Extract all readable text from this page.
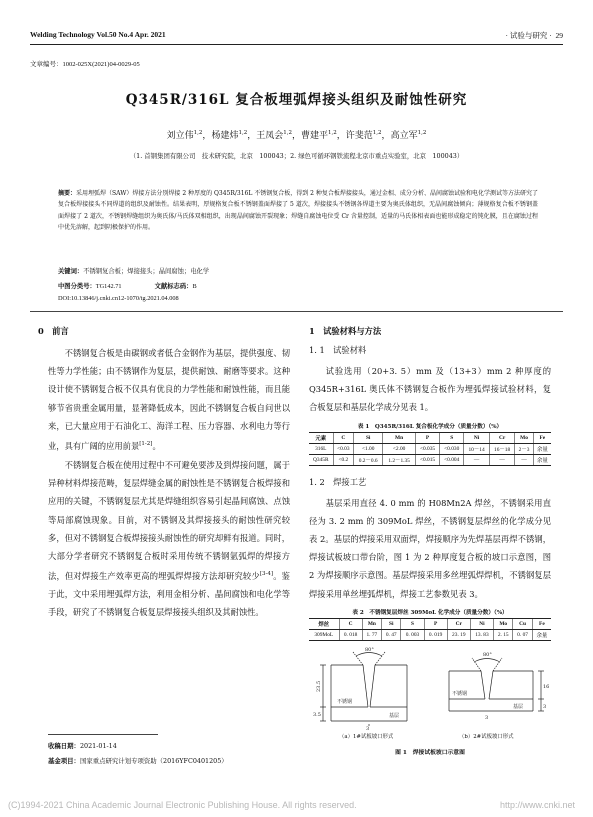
Welding Technology Vol.50 No.4 Apr. 2021	· 试验与研究 · 29
文章编号：1002-025X(2021)04-0029-05
Q345R/316L 复合板埋弧焊接头组织及耐蚀性研究
刘立伟$^{1,2}$，杨建炜$^{1,2}$，王凤会$^{1,2}$，曹建平$^{1,2}$，许斐范$^{1,2}$，高立军$^{1,2}$
（1. 首钢集团有限公司　技术研究院，北京　100043；2. 绿色可循环钢铁流程北京市重点实验室，北京　100043）
摘要：采用埋弧焊（SAW）焊接方法分别焊接 2 种厚度的 Q345R/316L 不锈钢复合板，得到 2 种复合板焊接接头，通过金相、成分分析、晶间腐蚀试验和电化学测试等方法研究了复合板焊接接头不同焊道的组织及耐蚀性。结果表明，厚规格复合板不锈钢盖面焊接了 5 道次，焊接接头不锈钢各焊道主要为奥氏体组织，无晶间腐蚀倾向；薄规格复合板不锈钢盖面焊接了 2 道次，不锈钢焊缝组织为奥氏体/马氏体双相组织，出现晶间腐蚀开裂现象；焊缝自腐蚀电位受 Cr 含量控制，适量的马氏体相表面也能形成稳定的钝化膜，且在腐蚀过程中优先溶解，起到阴极保护的作用。
关键词：不锈钢复合板；焊接接头；晶间腐蚀；电化学
中图分类号：TG142.71	文献标志码：B
DOI:10.13846/j.cnki.cn12-1070/tg.2021.04.008
0　前言

不锈钢复合板是由碳钢或者低合金钢作为基层，提供强度、韧性等力学性能；由不锈钢作为复层，提供耐蚀、耐磨等要求。这种设计使不锈钢复合板不仅具有优良的力学性能和耐蚀性能，而且能够节省贵重金属用量，显著降低成本，因此不锈钢复合板自问世以来，已大量应用于石油化工、海洋工程、压力容器、水利电力等行业，具有广阔的应用前景[1-2]。

不锈钢复合板在使用过程中不可避免要涉及到焊接问题，属于异种材料焊接范畴，复层焊缝金属的耐蚀性是不锈钢复合板焊接和应用的关键，不锈钢复层尤其是焊缝组织容易引起晶间腐蚀、点蚀等局部腐蚀现象。目前，对不锈钢及其焊接接头的耐蚀性研究较多，但对不锈钢复合板焊接接头耐蚀性的研究却鲜有报道。同时，大部分学者研究不锈钢复合板时采用传统不锈钢氩弧焊的焊接方法，但对焊接生产效率更高的埋弧焊焊接方法却研究较少[3-4]。鉴于此，文中采用埋弧焊方法，利用金相分析、晶间腐蚀和电化学等手段，研究了不锈钢复合板复层焊接接头组织及其耐蚀性。

1　试验材料与方法
1. 1　试验材料

试验选用（20+3. 5）mm 及（13+3）mm 2 种厚度的 Q345R+316L 奥氏体不锈钢复合板作为埋弧焊接试验材料，复合板复层和基层化学成分见表 1。

表 1　Q345R/316L 复合板化学成分（质量分数）（%）
元素	C	Si	Mn	P	S	Ni	Cr	Mo	Fe
316L	<0.03	<1.00	<2.00	<0.035	<0.030	10－14	16－18	2－3	余量
Q345R	<0.2	0.2－0.6	1.2－1.35	<0.015	<0.004	—	—	—	余量
1. 2　焊接工艺

基层采用直径 4. 0 mm 的 H08Mn2A 焊丝，不锈钢采用直径为 3. 2 mm 的 309MoL 焊丝，不锈钢复层焊丝的化学成分见表 2。基层的焊接采用双面焊，焊接顺序为先焊基层再焊不锈钢，焊接试板坡口带台阶，图 1 为 2 种厚度复合板的坡口示意图，图 2 为焊接顺序示意图。基层焊接采用多丝埋弧焊焊机，不锈钢复层焊接采用单丝埋弧焊机，焊接工艺参数见表 3。

表 2　不锈钢复层焊丝 309MoL 化学成分（质量分数）（%）
焊丝	C	Mn	Si	S	P	Cr	Ni	Mo	Cu	Fe
309MoL	0. 018	1. 77	0. 47	0. 003	0. 019	23. 19	13. 83	2. 15	0. 07	余量
80°
23.5
3.5
3
不锈钢
基层
80°
16
3
3
不锈钢
基层
（a）1#试板坡口形式	（b）2#试板坡口形式
图 1　焊接试板坡口示意图
收稿日期：2021-01-14
基金项目：国家重点研究计划专项资助（2016YFC0401205）
(C)1994-2021 China Academic Journal Electronic Publishing House. All rights reserved.	http://www.cnki.net
